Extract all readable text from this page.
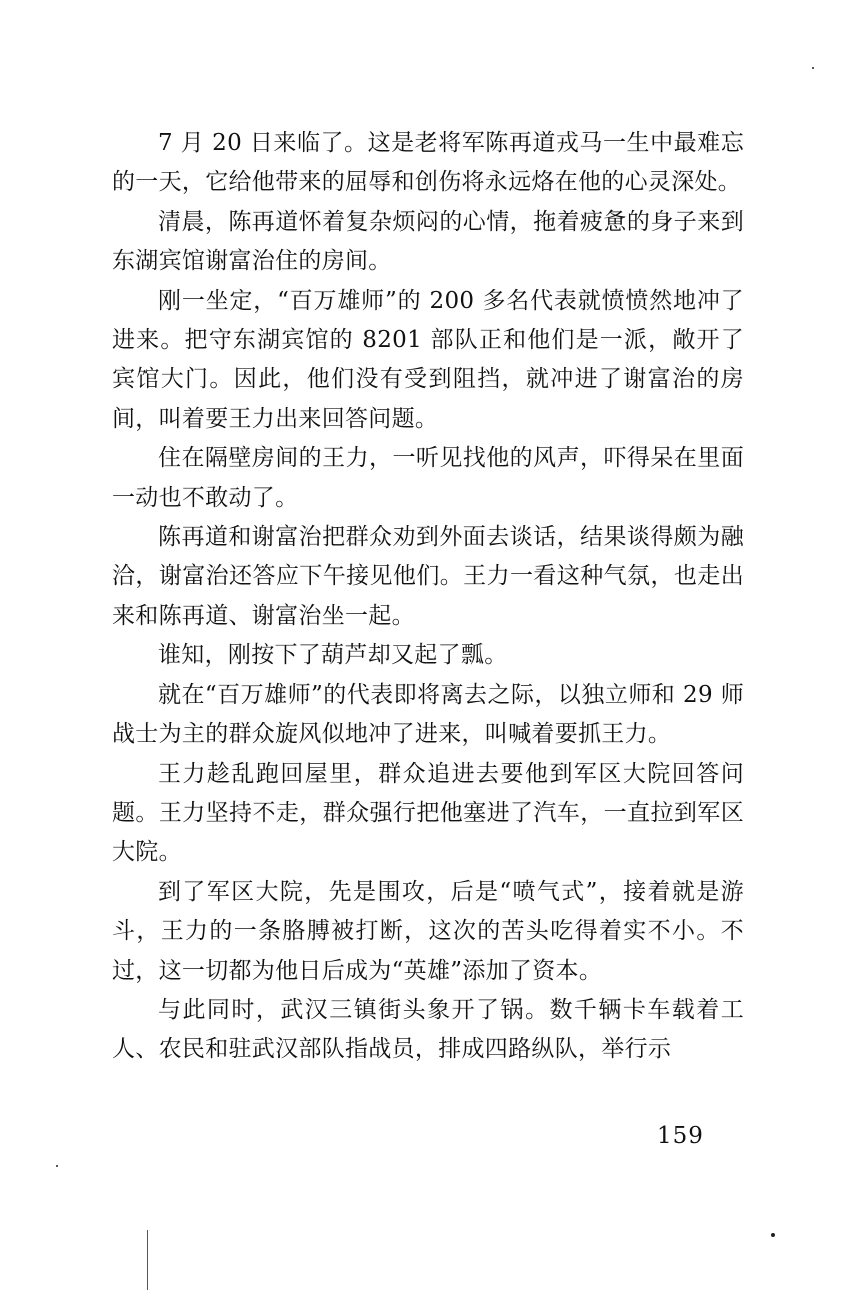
7 月 20 日来临了。这是老将军陈再道戎马一生中最难忘的一天，它给他带来的屈辱和创伤将永远烙在他的心灵深处。

清晨，陈再道怀着复杂烦闷的心情，拖着疲惫的身子来到东湖宾馆谢富治住的房间。

刚一坐定，“百万雄师”的 200 多名代表就愤愤然地冲了进来。把守东湖宾馆的 8201 部队正和他们是一派，敞开了宾馆大门。因此，他们没有受到阻挡，就冲进了谢富治的房间，叫着要王力出来回答问题。

住在隔壁房间的王力，一听见找他的风声，吓得呆在里面一动也不敢动了。

陈再道和谢富治把群众劝到外面去谈话，结果谈得颇为融洽，谢富治还答应下午接见他们。王力一看这种气氛，也走出来和陈再道、谢富治坐一起。

谁知，刚按下了葫芦却又起了瓢。

就在“百万雄师”的代表即将离去之际，以独立师和 29 师战士为主的群众旋风似地冲了进来，叫喊着要抓王力。

王力趁乱跑回屋里，群众追进去要他到军区大院回答问题。王力坚持不走，群众强行把他塞进了汽车，一直拉到军区大院。

到了军区大院，先是围攻，后是“喷气式”，接着就是游斗，王力的一条胳膊被打断，这次的苦头吃得着实不小。不过，这一切都为他日后成为“英雄”添加了资本。

与此同时，武汉三镇街头象开了锅。数千辆卡车载着工人、农民和驻武汉部队指战员，排成四路纵队，举行示

159
